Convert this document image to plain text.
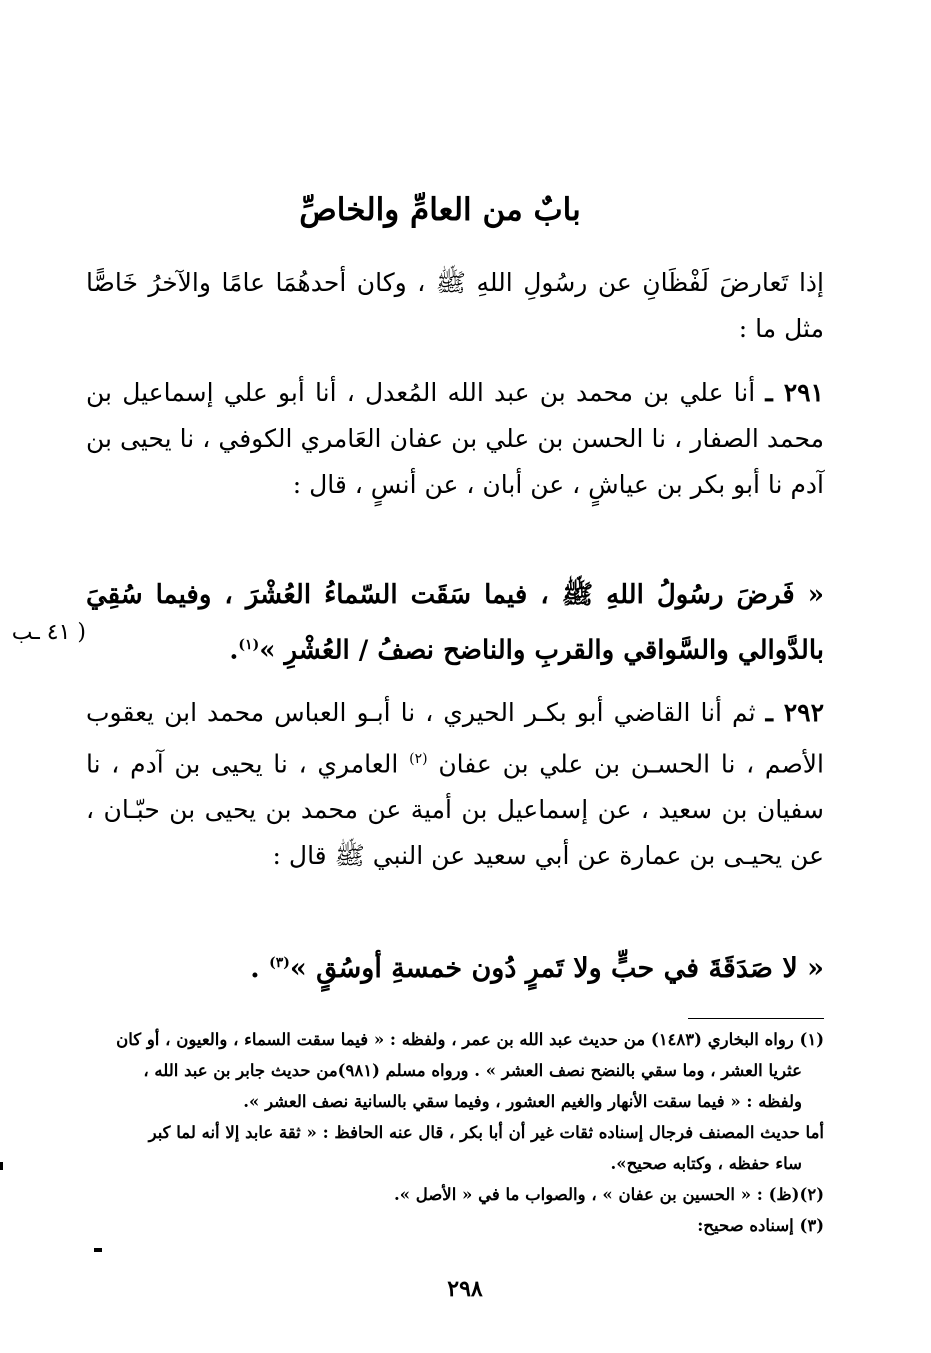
بابٌ من العامِّ والخاصِّ
إذا تَعارضَ لَفْظَانِ عن رسُولِ اللهِ ﷺ ، وكان أحدهُمَا عامًا والآخرُ خَاصًّا مثل ما :
٢٩١ ـ أنا علي بن محمد بن عبد الله المُعدل ، أنا أبو علي إسماعيل بن محمد الصفار ، نا الحسن بن علي بن عفان العَامري الكوفي ، نا يحيى بن آدم نا أبو بكر بن عياشٍ ، عن أبان ، عن أنسٍ ، قال :
« فَرضَ رسُولُ اللهِ ﷺ ، فيما سَقَت السّماءُ العُشْرَ ، وفيما سُقِيَ بالدَّوالي والسَّواقي والقربِ والناضح نصفُ / العُشْرِ »$^{(١)}$.
( ٤١ ـب
٢٩٢ ـ ثم أنا القاضي أبو بكـر الحيري ، نا أبـو العباس محمد ابن يعقوب الأصم ، نا الحسـن بن علي بن عفان $^{(٢)}$ العامري ، نا يحيى بن آدم ، نا سفيان بن سعيد ، عن إسماعيل بن أمية عن محمد بن يحيى بن حبّـان ، عن يحيـى بن عمارة عن أبي سعيد عن النبي ﷺ قال :
« لا صَدَقَةَ في حبٍّ ولا تَمرٍ دُون خمسةِ أوسُقٍ »$^{(٣)}$ .
(١) رواه البخاري (١٤٨٣) من حديث عبد الله بن عمر ، ولفظه : « فيما سقت السماء ، والعيون ، أو كان
عثريا العشر ، وما سقي بالنضح نصف العشر » . ورواه مسلم (٩٨١)من حديث جابر بن عبد الله ،
ولفظه : « فيما سقت الأنهار والغيم العشور ، وفيما سقي بالسانية نصف العشر ».
أما حديث المصنف فرجال إسناده ثقات غير أن أبا بكر ، قال عنه الحافظ : « ثقة عابد إلا أنه لما كبر
ساء حفظه ، وكتابه صحيح».
(٢)(ظ) : « الحسين بن عفان » ، والصواب ما في « الأصل ».
(٣) إسناده صحيح:
٢٩٨
